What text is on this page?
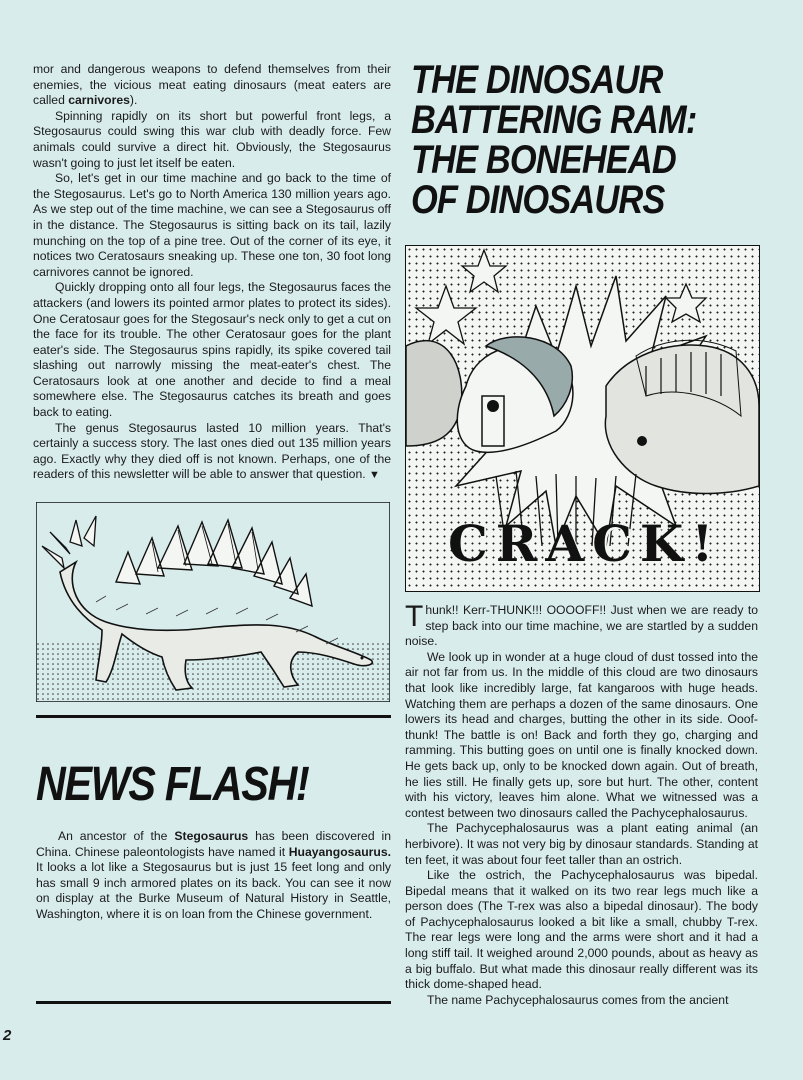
mor and dangerous weapons to defend themselves from their enemies, the vicious meat eating dinosaurs (meat eaters are called carnivores).

Spinning rapidly on its short but powerful front legs, a Stegosaurus could swing this war club with deadly force. Few animals could survive a direct hit. Obviously, the Stegosaurus wasn't going to just let itself be eaten.

So, let's get in our time machine and go back to the time of the Stegosaurus. Let's go to North America 130 million years ago. As we step out of the time machine, we can see a Stegosaurus off in the distance. The Stegosaurus is sitting back on its tail, lazily munching on the top of a pine tree. Out of the corner of its eye, it notices two Ceratosaurs sneaking up. These one ton, 30 foot long carnivores cannot be ignored.

Quickly dropping onto all four legs, the Stegosaurus faces the attackers (and lowers its pointed armor plates to protect its sides). One Ceratosaur goes for the Stegosaur's neck only to get a cut on the face for its trouble. The other Ceratosaur goes for the plant eater's side. The Stegosaurus spins rapidly, its spike covered tail slashing out narrowly missing the meat-eater's chest. The Ceratosaurs look at one another and decide to find a meal somewhere else. The Stegosaurus catches its breath and goes back to eating.

The genus Stegosaurus lasted 10 million years. That's certainly a success story. The last ones died out 135 million years ago. Exactly why they died off is not known. Perhaps, one of the readers of this newsletter will be able to answer that question. ▼

NEWS FLASH!

An ancestor of the Stegosaurus has been discovered in China. Chinese paleontologists have named it Huayangosaurus. It looks a lot like a Stegosaurus but is just 15 feet long and only has small 9 inch armored plates on its back. You can see it now on display at the Burke Museum of Natural History in Seattle, Washington, where it is on loan from the Chinese government.

THE DINOSAUR BATTERING RAM: THE BONEHEAD OF DINOSAURS
CRACK!

Thunk!! Kerr-THUNK!!! OOOOFF!! Just when we are ready to step back into our time machine, we are startled by a sudden noise.

We look up in wonder at a huge cloud of dust tossed into the air not far from us. In the middle of this cloud are two dinosaurs that look like incredibly large, fat kangaroos with huge heads. Watching them are perhaps a dozen of the same dinosaurs. One lowers its head and charges, butting the other in its side. Ooof-thunk! The battle is on! Back and forth they go, charging and ramming. This butting goes on until one is finally knocked down. He gets back up, only to be knocked down again. Out of breath, he lies still. He finally gets up, sore but hurt. The other, content with his victory, leaves him alone. What we witnessed was a contest between two dinosaurs called the Pachycephalosaurus.

The Pachycephalosaurus was a plant eating animal (an herbivore). It was not very big by dinosaur standards. Standing at ten feet, it was about four feet taller than an ostrich.

Like the ostrich, the Pachycephalosaurus was bipedal. Bipedal means that it walked on its two rear legs much like a person does (The T-rex was also a bipedal dinosaur). The body of Pachycephalosaurus looked a bit like a small, chubby T-rex. The rear legs were long and the arms were short and it had a long stiff tail. It weighed around 2,000 pounds, about as heavy as a big buffalo. But what made this dinosaur really different was its thick dome-shaped head.

The name Pachycephalosaurus comes from the ancient

2
